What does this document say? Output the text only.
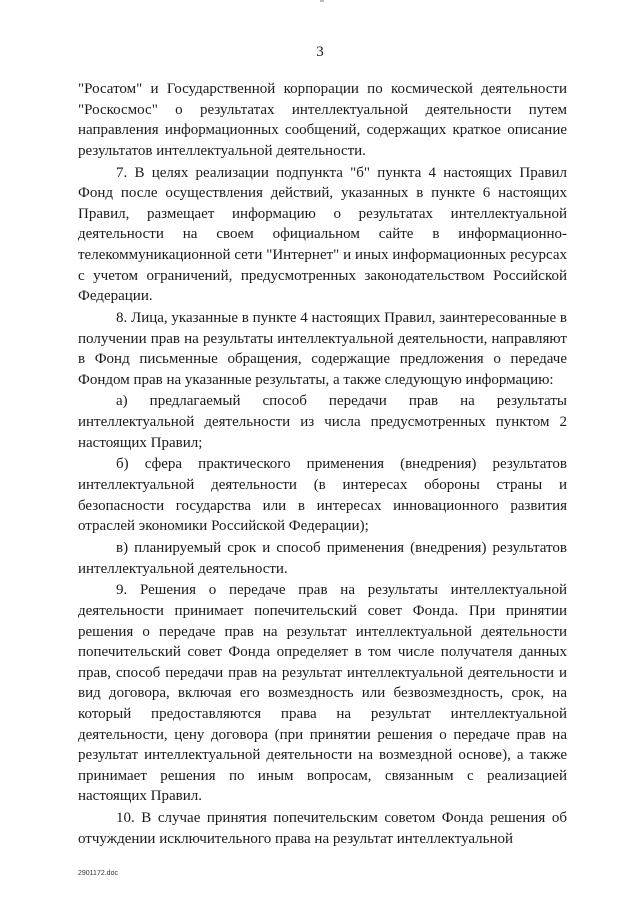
3

"Росатом" и Государственной корпорации по космической деятельности "Роскосмос" о результатах интеллектуальной деятельности путем направления информационных сообщений, содержащих краткое описание результатов интеллектуальной деятельности.

7. В целях реализации подпункта "б" пункта 4 настоящих Правил Фонд после осуществления действий, указанных в пункте 6 настоящих Правил, размещает информацию о результатах интеллектуальной деятельности на своем официальном сайте в информационно-телекоммуникационной сети "Интернет" и иных информационных ресурсах с учетом ограничений, предусмотренных законодательством Российской Федерации.

8. Лица, указанные в пункте 4 настоящих Правил, заинтересованные в получении прав на результаты интеллектуальной деятельности, направляют в Фонд письменные обращения, содержащие предложения о передаче Фондом прав на указанные результаты, а также следующую информацию:

а) предлагаемый способ передачи прав на результаты интеллектуальной деятельности из числа предусмотренных пунктом 2 настоящих Правил;

б) сфера практического применения (внедрения) результатов интеллектуальной деятельности (в интересах обороны страны и безопасности государства или в интересах инновационного развития отраслей экономики Российской Федерации);

в) планируемый срок и способ применения (внедрения) результатов интеллектуальной деятельности.

9. Решения о передаче прав на результаты интеллектуальной деятельности принимает попечительский совет Фонда. При принятии решения о передаче прав на результат интеллектуальной деятельности попечительский совет Фонда определяет в том числе получателя данных прав, способ передачи прав на результат интеллектуальной деятельности и вид договора, включая его возмездность или безвозмездность, срок, на который предоставляются права на результат интеллектуальной деятельности, цену договора (при принятии решения о передаче прав на результат интеллектуальной деятельности на возмездной основе), а также принимает решения по иным вопросам, связанным с реализацией настоящих Правил.

10. В случае принятия попечительским советом Фонда решения об отчуждении исключительного права на результат интеллектуальной

2901172.doc
